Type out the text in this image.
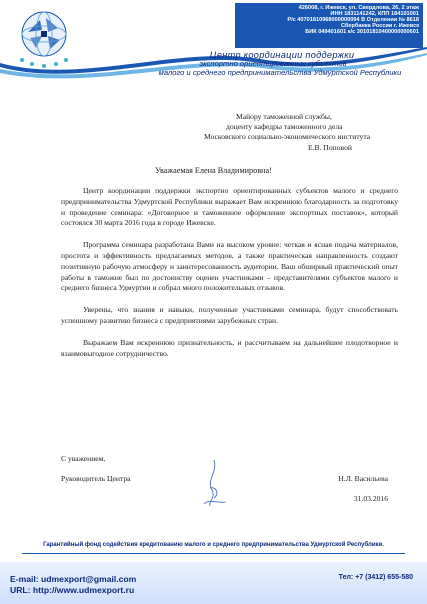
426008, г. Ижевск, ул. Свердлова, 26, 2 этаж
ИНН 1831141242, КПП 184101001
Р/с 40701810968000000094 В Отделении № 8618
Сбербанка России г. Ижевск
БИК 049401601 к/с 30101810400000000601
Центр координации поддержки
экспортно ориентированных субъектов
малого и среднего предпринимательства Удмуртской Республики
Майору таможенной службы,
доценту кафедры таможенного дела
Московского социально-экономического института
Е.В. Поповой
Уважаемая Елена Владимировна!

Центр координации поддержки экспортно ориентированных субъектов малого и среднего предпринимательства Удмуртской Республики выражает Вам искреннюю благодарность за подготовку и проведение семинара: «Договорное и таможенное оформление экспортных поставок», который состоялся 30 марта 2016 года в городе Ижевске.

Программа семинара разработана Вами на высоком уровне: четкая и ясная подача материалов, простота и эффективность предлагаемых методов, а также практическая направленность создают позитивную рабочую атмосферу и заинтересованность аудитории. Ваш обширный практический опыт работы в таможне был по достоинству оценен участниками – представителями субъектов малого и среднего бизнеса Удмуртии и собрал много положительных отзывов.

Уверены, что знания и навыки, полученные участниками семинара, будут способствовать успешному развитию бизнеса с предприятиями зарубежных стран.

Выражаем Вам искреннюю признательность, и рассчитываем на дальнейшее плодотворное и взаимовыгодное сотрудничество.

С уважением,
Руководитель Центра	Н.Л. Васильева
31.03.2016
Гарантийный фонд содействия кредитованию малого и среднего предпринимательства Удмуртской Республики.
E-mail: udmexport@gmail.com
URL: http://www.udmexport.ru
Тел: +7 (3412) 655-580
